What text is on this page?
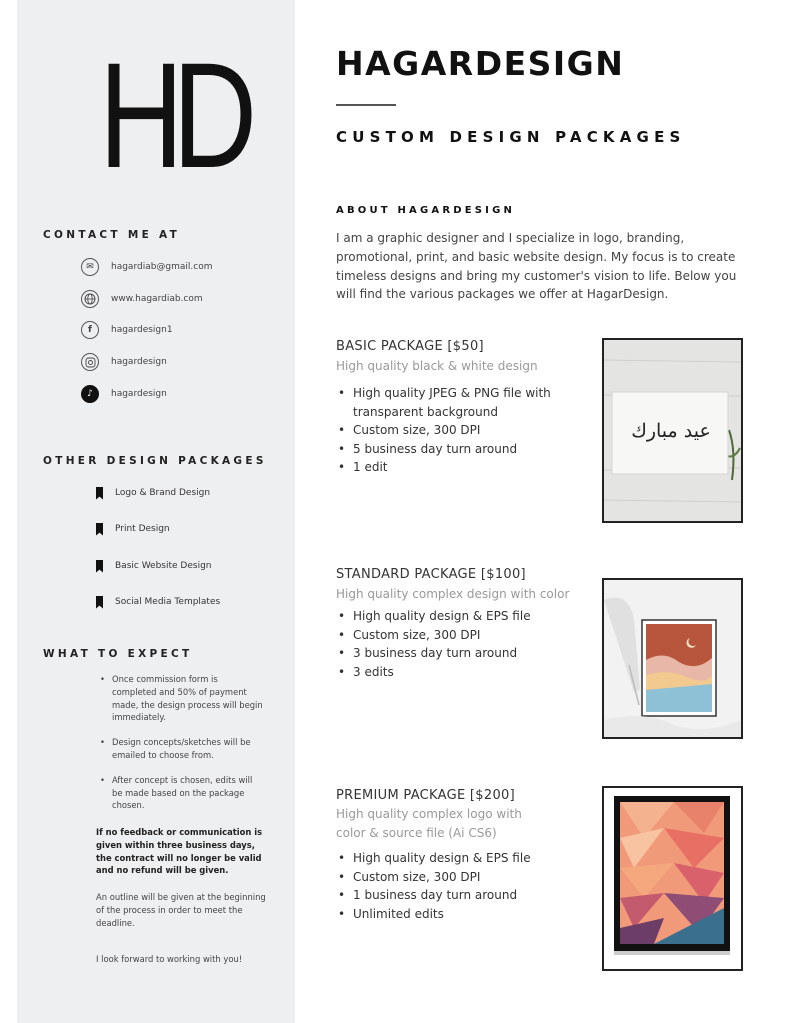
HD
CONTACT ME AT
✉	hagardiab@gmail.com
www.hagardiab.com
f	hagardesign1
hagardesign
♪	hagardesign
OTHER DESIGN PACKAGES
Logo & Brand Design
Print Design
Basic Website Design
Social Media Templates
WHAT TO EXPECT
• Once commission form is completed and 50% of payment made, the design process will begin immediately.
• Design concepts/sketches will be emailed to choose from.
• After concept is chosen, edits will be made based on the package chosen.
If no feedback or communication is given within three business days, the contract will no longer be valid and no refund will be given.
An outline will be given at the beginning of the process in order to meet the deadline.
I look forward to working with you!
HAGARDESIGN
CUSTOM DESIGN PACKAGES
ABOUT HAGARDESIGN
I am a graphic designer and I specialize in logo, branding, promotional, print, and basic website design. My focus is to create timeless designs and bring my customer's vision to life. Below you will find the various packages we offer at HagarDesign.
BASIC PACKAGE [$50]
High quality black & white design
• High quality JPEG & PNG file with transparent background
• Custom size, 300 DPI
• 5 business day turn around
• 1 edit
عيد مبارك
STANDARD PACKAGE [$100]
High quality complex design with color
• High quality design & EPS file
• Custom size, 300 DPI
• 3 business day turn around
• 3 edits
PREMIUM PACKAGE [$200]
High quality complex logo with color & source file (Ai CS6)
• High quality design & EPS file
• Custom size, 300 DPI
• 1 business day turn around
• Unlimited edits
